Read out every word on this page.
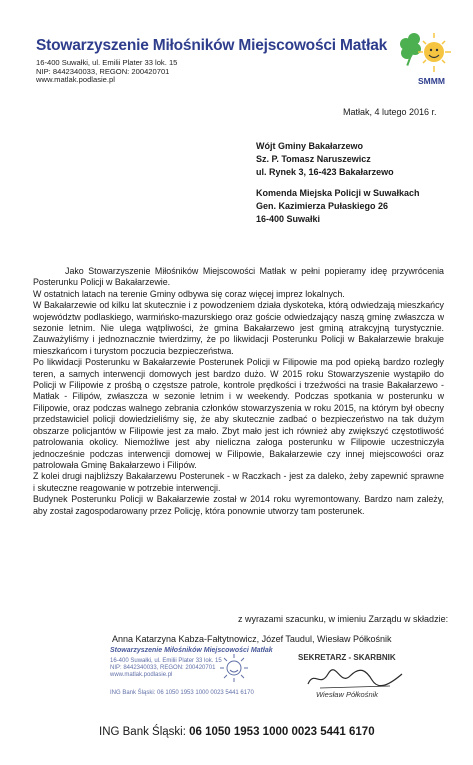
Stowarzyszenie Miłośników Miejscowości Matłak
16-400 Suwałki, ul. Emilii Plater 33 lok. 15
NIP: 8442340033, REGON: 200420701
www.matlak.podlasie.pl	SMMM
Matłak, 4 lutego 2016 r.
Wójt Gminy Bakałarzewo
Sz. P. Tomasz Naruszewicz
ul. Rynek 3, 16-423 Bakałarzewo
Komenda Miejska Policji w Suwałkach
Gen. Kazimierza Pułaskiego 26
16-400 Suwałki

Jako Stowarzyszenie Miłośników Miejscowości Matłak w pełni popieramy ideę przywrócenia Posterunku Policji w Bakałarzewie.

W ostatnich latach na terenie Gminy odbywa się coraz więcej imprez lokalnych.

W Bakałarzewie od kilku lat skutecznie i z powodzeniem działa dyskoteka, którą odwiedzają mieszkańcy województw podlaskiego, warmińsko-mazurskiego oraz goście odwiedzający naszą gminę zwłaszcza w sezonie letnim. Nie ulega wątpliwości, że gmina Bakałarzewo jest gminą atrakcyjną turystycznie. Zauważyliśmy i jednoznacznie twierdzimy, że po likwidacji Posterunku Policji w Bakałarzewie brakuje mieszkańcom i turystom poczucia bezpieczeństwa.

Po likwidacji Posterunku w Bakałarzewie Posterunek Policji w Filipowie ma pod opieką bardzo rozległy teren, a samych interwencji domowych jest bardzo dużo. W 2015 roku Stowarzyszenie wystąpiło do Policji w Filipowie z prośbą o częstsze patrole, kontrole prędkości i trzeźwości na trasie Bakałarzewo - Matłak - Filipów, zwłaszcza w sezonie letnim i w weekendy. Podczas spotkania w posterunku w Filipowie, oraz podczas walnego zebrania członków stowarzyszenia w roku 2015, na którym był obecny przedstawiciel policji dowiedzieliśmy się, że aby skutecznie zadbać o bezpieczeństwo na tak dużym obszarze policjantów w Filipowie jest za mało. Zbyt mało jest ich również aby zwiększyć częstotliwość patrolowania okolicy. Niemożliwe jest aby nieliczna załoga posterunku w Filipowie uczestniczyła jednocześnie podczas interwencji domowej w Filipowie, Bakałarzewie czy innej miejscowości oraz patrolowała Gminę Bakałarzewo i Filipów.

Z kolei drugi najbliższy Bakałarzewu Posterunek - w Raczkach - jest za daleko, żeby zapewnić sprawne i skuteczne reagowanie w potrzebie interwencji.

Budynek Posterunku Policji w Bakałarzewie został w 2014 roku wyremontowany. Bardzo nam zależy, aby został zagospodarowany przez Policję, która ponownie utworzy tam posterunek.

z wyrazami szacunku, w imieniu Zarządu w składzie:
Anna Katarzyna Kabza-Fałtytnowicz, Józef Taudul, Wiesław Półkośnik
Stowarzyszenie Miłośników Miejscowości Matłak
16-400 Suwałki, ul. Emilii Plater 33 lok. 15
NIP: 8442340033, REGON: 200420701
www.matlak.podlasie.pl
ING Bank Śląski: 06 1050 1953 1000 0023 5441 6170
SEKRETARZ - SKARBNIK
Wiesław Półkośnik
ING Bank Śląski: 06 1050 1953 1000 0023 5441 6170
